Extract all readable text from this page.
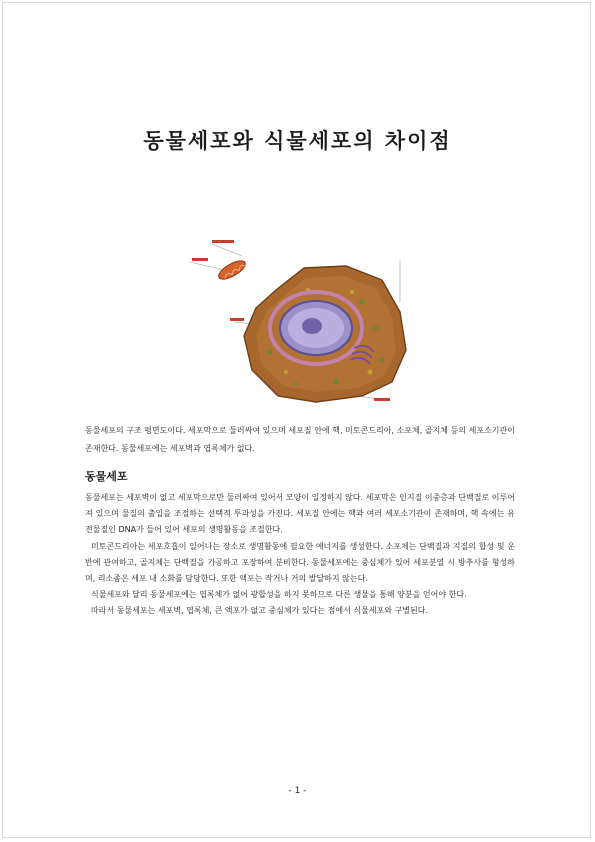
동물세포와 식물세포의 차이점
동물세포의 구조 평면도이다. 세포막으로 둘러싸여 있으며 세포질 안에 핵, 미토콘드리아, 소포체, 골지체 등의 세포소기관이 존재한다. 동물세포에는 세포벽과 엽록체가 없다.
동물세포

동물세포는 세포벽이 없고 세포막으로만 둘러싸여 있어서 모양이 일정하지 않다. 세포막은 인지질 이중층과 단백질로 이루어져 있으며 물질의 출입을 조절하는 선택적 투과성을 가진다. 세포질 안에는 핵과 여러 세포소기관이 존재하며, 핵 속에는 유전물질인 DNA가 들어 있어 세포의 생명활동을 조절한다.

미토콘드리아는 세포호흡이 일어나는 장소로 생명활동에 필요한 에너지를 생성한다. 소포체는 단백질과 지질의 합성 및 운반에 관여하고, 골지체는 단백질을 가공하고 포장하여 분비한다. 동물세포에는 중심체가 있어 세포분열 시 방추사를 형성하며, 리소좀은 세포 내 소화를 담당한다. 또한 액포는 작거나 거의 발달하지 않는다.

식물세포와 달리 동물세포에는 엽록체가 없어 광합성을 하지 못하므로 다른 생물을 통해 양분을 얻어야 한다.

따라서 동물세포는 세포벽, 엽록체, 큰 액포가 없고 중심체가 있다는 점에서 식물세포와 구별된다.

- 1 -
